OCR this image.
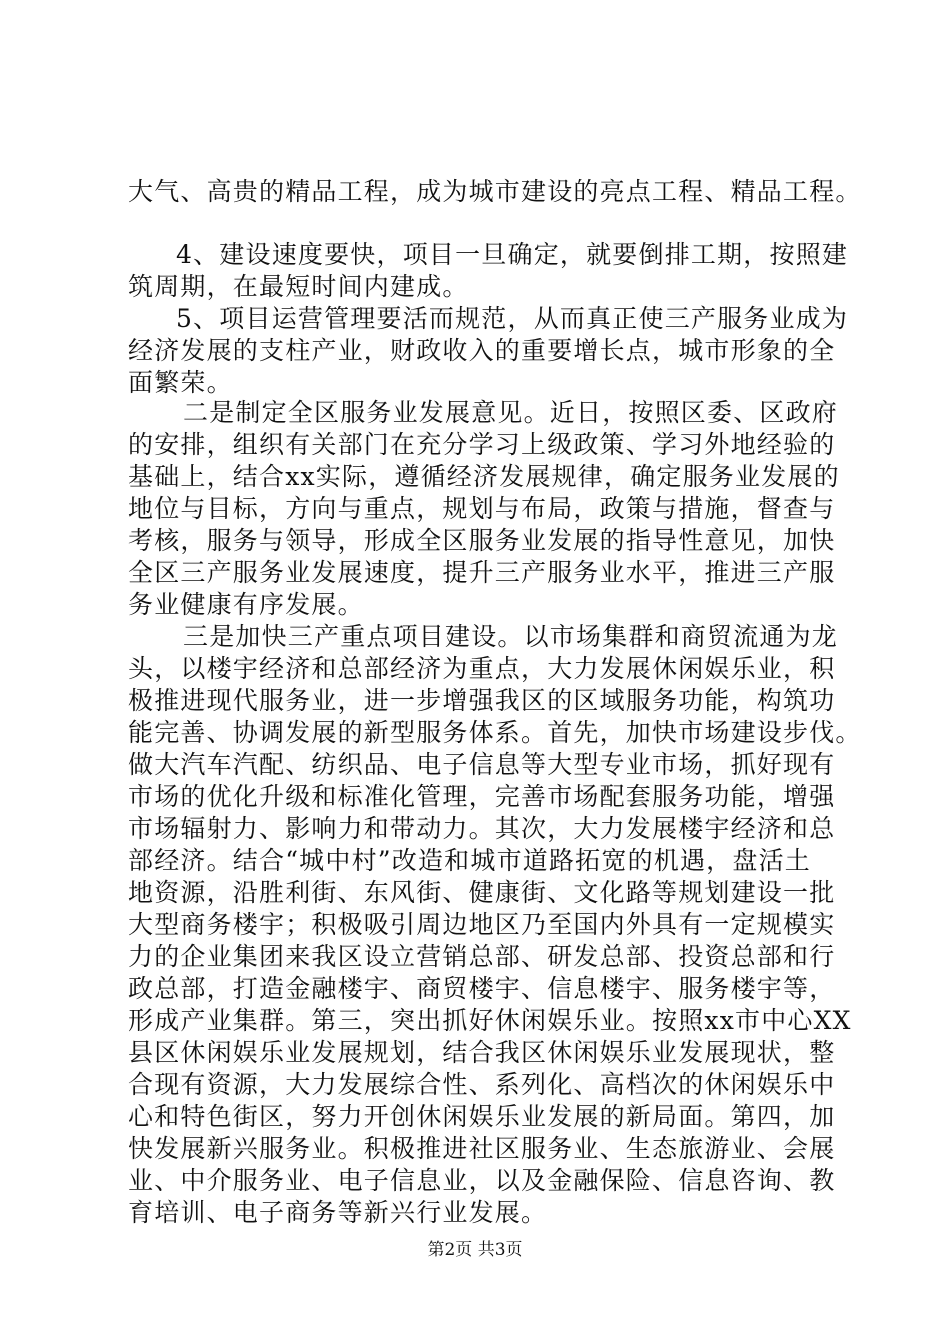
大气、高贵的精品工程，成为城市建设的亮点工程、精品工程。
4、建设速度要快，项目一旦确定，就要倒排工期，按照建
筑周期，在最短时间内建成。
5、项目运营管理要活而规范，从而真正使三产服务业成为
经济发展的支柱产业，财政收入的重要增长点，城市形象的全
面繁荣。
二是制定全区服务业发展意见。近日，按照区委、区政府
的安排，组织有关部门在充分学习上级政策、学习外地经验的
基础上，结合xx实际，遵循经济发展规律，确定服务业发展的
地位与目标，方向与重点，规划与布局，政策与措施，督查与
考核，服务与领导，形成全区服务业发展的指导性意见，加快
全区三产服务业发展速度，提升三产服务业水平，推进三产服
务业健康有序发展。
三是加快三产重点项目建设。以市场集群和商贸流通为龙
头，以楼宇经济和总部经济为重点，大力发展休闲娱乐业，积
极推进现代服务业，进一步增强我区的区域服务功能，构筑功
能完善、协调发展的新型服务体系。首先，加快市场建设步伐。
做大汽车汽配、纺织品、电子信息等大型专业市场，抓好现有
市场的优化升级和标准化管理，完善市场配套服务功能，增强
市场辐射力、影响力和带动力。其次，大力发展楼宇经济和总
部经济。结合“城中村”改造和城市道路拓宽的机遇，盘活土
地资源，沿胜利街、东风街、健康街、文化路等规划建设一批
大型商务楼宇；积极吸引周边地区乃至国内外具有一定规模实
力的企业集团来我区设立营销总部、研发总部、投资总部和行
政总部，打造金融楼宇、商贸楼宇、信息楼宇、服务楼宇等，
形成产业集群。第三，突出抓好休闲娱乐业。按照xx市中心XX
县区休闲娱乐业发展规划，结合我区休闲娱乐业发展现状，整
合现有资源，大力发展综合性、系列化、高档次的休闲娱乐中
心和特色街区，努力开创休闲娱乐业发展的新局面。第四，加
快发展新兴服务业。积极推进社区服务业、生态旅游业、会展
业、中介服务业、电子信息业，以及金融保险、信息咨询、教
育培训、电子商务等新兴行业发展。
第2页 共3页
